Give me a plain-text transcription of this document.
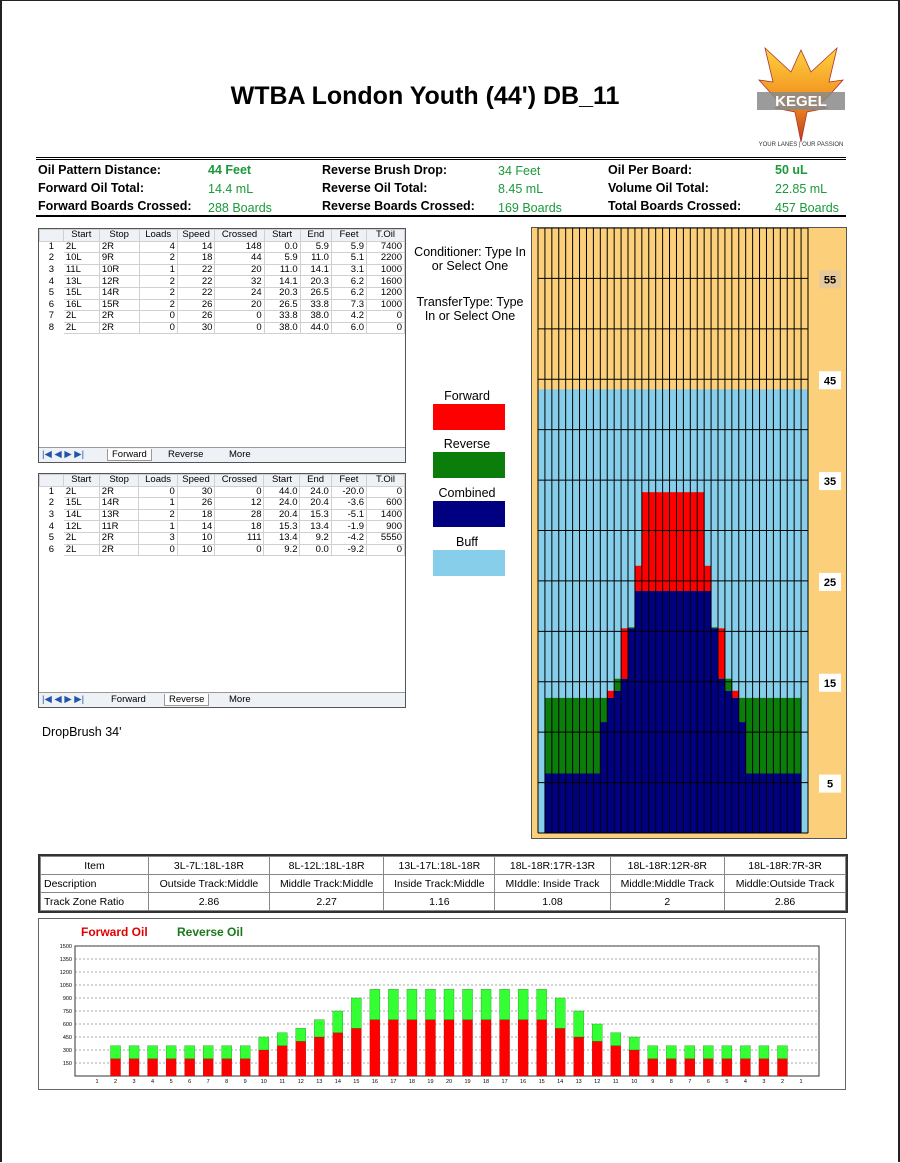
WTBA London Youth (44') DB_11	KEGEL
YOUR LANES | OUR PASSION
Oil Pattern Distance:	44 Feet
Forward Oil Total:	14.4 mL
Forward Boards Crossed: 288 Boards
Reverse Brush Drop:	34 Feet
Reverse Oil Total:	8.45 mL
Reverse Boards Crossed: 169 Boards
Oil Per Board:	50 uL
Volume Oil Total:	22.85 mL
Total Boards Crossed:	457 Boards
	Start	Stop	Loads	Speed	Crossed	Start	End	Feet	T.Oil
1	2L	2R	4	14	148	0.0	5.9	5.9	7400
2	10L	9R	2	18	44	5.9	11.0	5.1	2200
3	11L	10R	1	22	20	11.0	14.1	3.1	1000
4	13L	12R	2	22	32	14.1	20.3	6.2	1600
5	15L	14R	2	22	24	20.3	26.5	6.2	1200
6	16L	15R	2	26	20	26.5	33.8	7.3	1000
7	2L	2R	0	26	0	33.8	38.0	4.2	0
8	2L	2R	0	30	0	38.0	44.0	6.0	0
|◀ ◀ ▶ ▶|	Forward	Reverse	More
	Start	Stop	Loads	Speed	Crossed	Start	End	Feet	T.Oil
1	2L	2R	0	30	0	44.0	24.0	-20.0	0
2	15L	14R	1	26	12	24.0	20.4	-3.6	600
3	14L	13R	2	18	28	20.4	15.3	-5.1	1400
4	12L	11R	1	14	18	15.3	13.4	-1.9	900
5	2L	2R	3	10	111	13.4	9.2	-4.2	5550
6	2L	2R	0	10	0	9.2	0.0	-9.2	0
|◀ ◀ ▶ ▶|	Forward	Reverse	More
DropBrush 34'
Conditioner: Type In or Select One
TransferType: Type In or Select One
Forward
Reverse
Combined
Buff
55
45
35
25
15
5
Item	3L-7L:18L-18R	8L-12L:18L-18R	13L-17L:18L-18R	18L-18R:17R-13R	18L-18R:12R-8R	18L-18R:7R-3R
Description	Outside Track:Middle	Middle Track:Middle	Inside Track:Middle	MIddle: Inside Track	Middle:Middle Track	Middle:Outside Track
Track Zone Ratio	2.86	2.27	1.16	1.08	2	2.86
Forward Oil Reverse Oil
150
300
450
600
750
900
1050
1200
1350
1500
1	2	3	4	5	6	7	8	9	10 11 12 13 14 15 16 17 18 19 20 19 18 17 16 15 14 13 12 11 10	9	8	7	6	5	4	3	2	1
